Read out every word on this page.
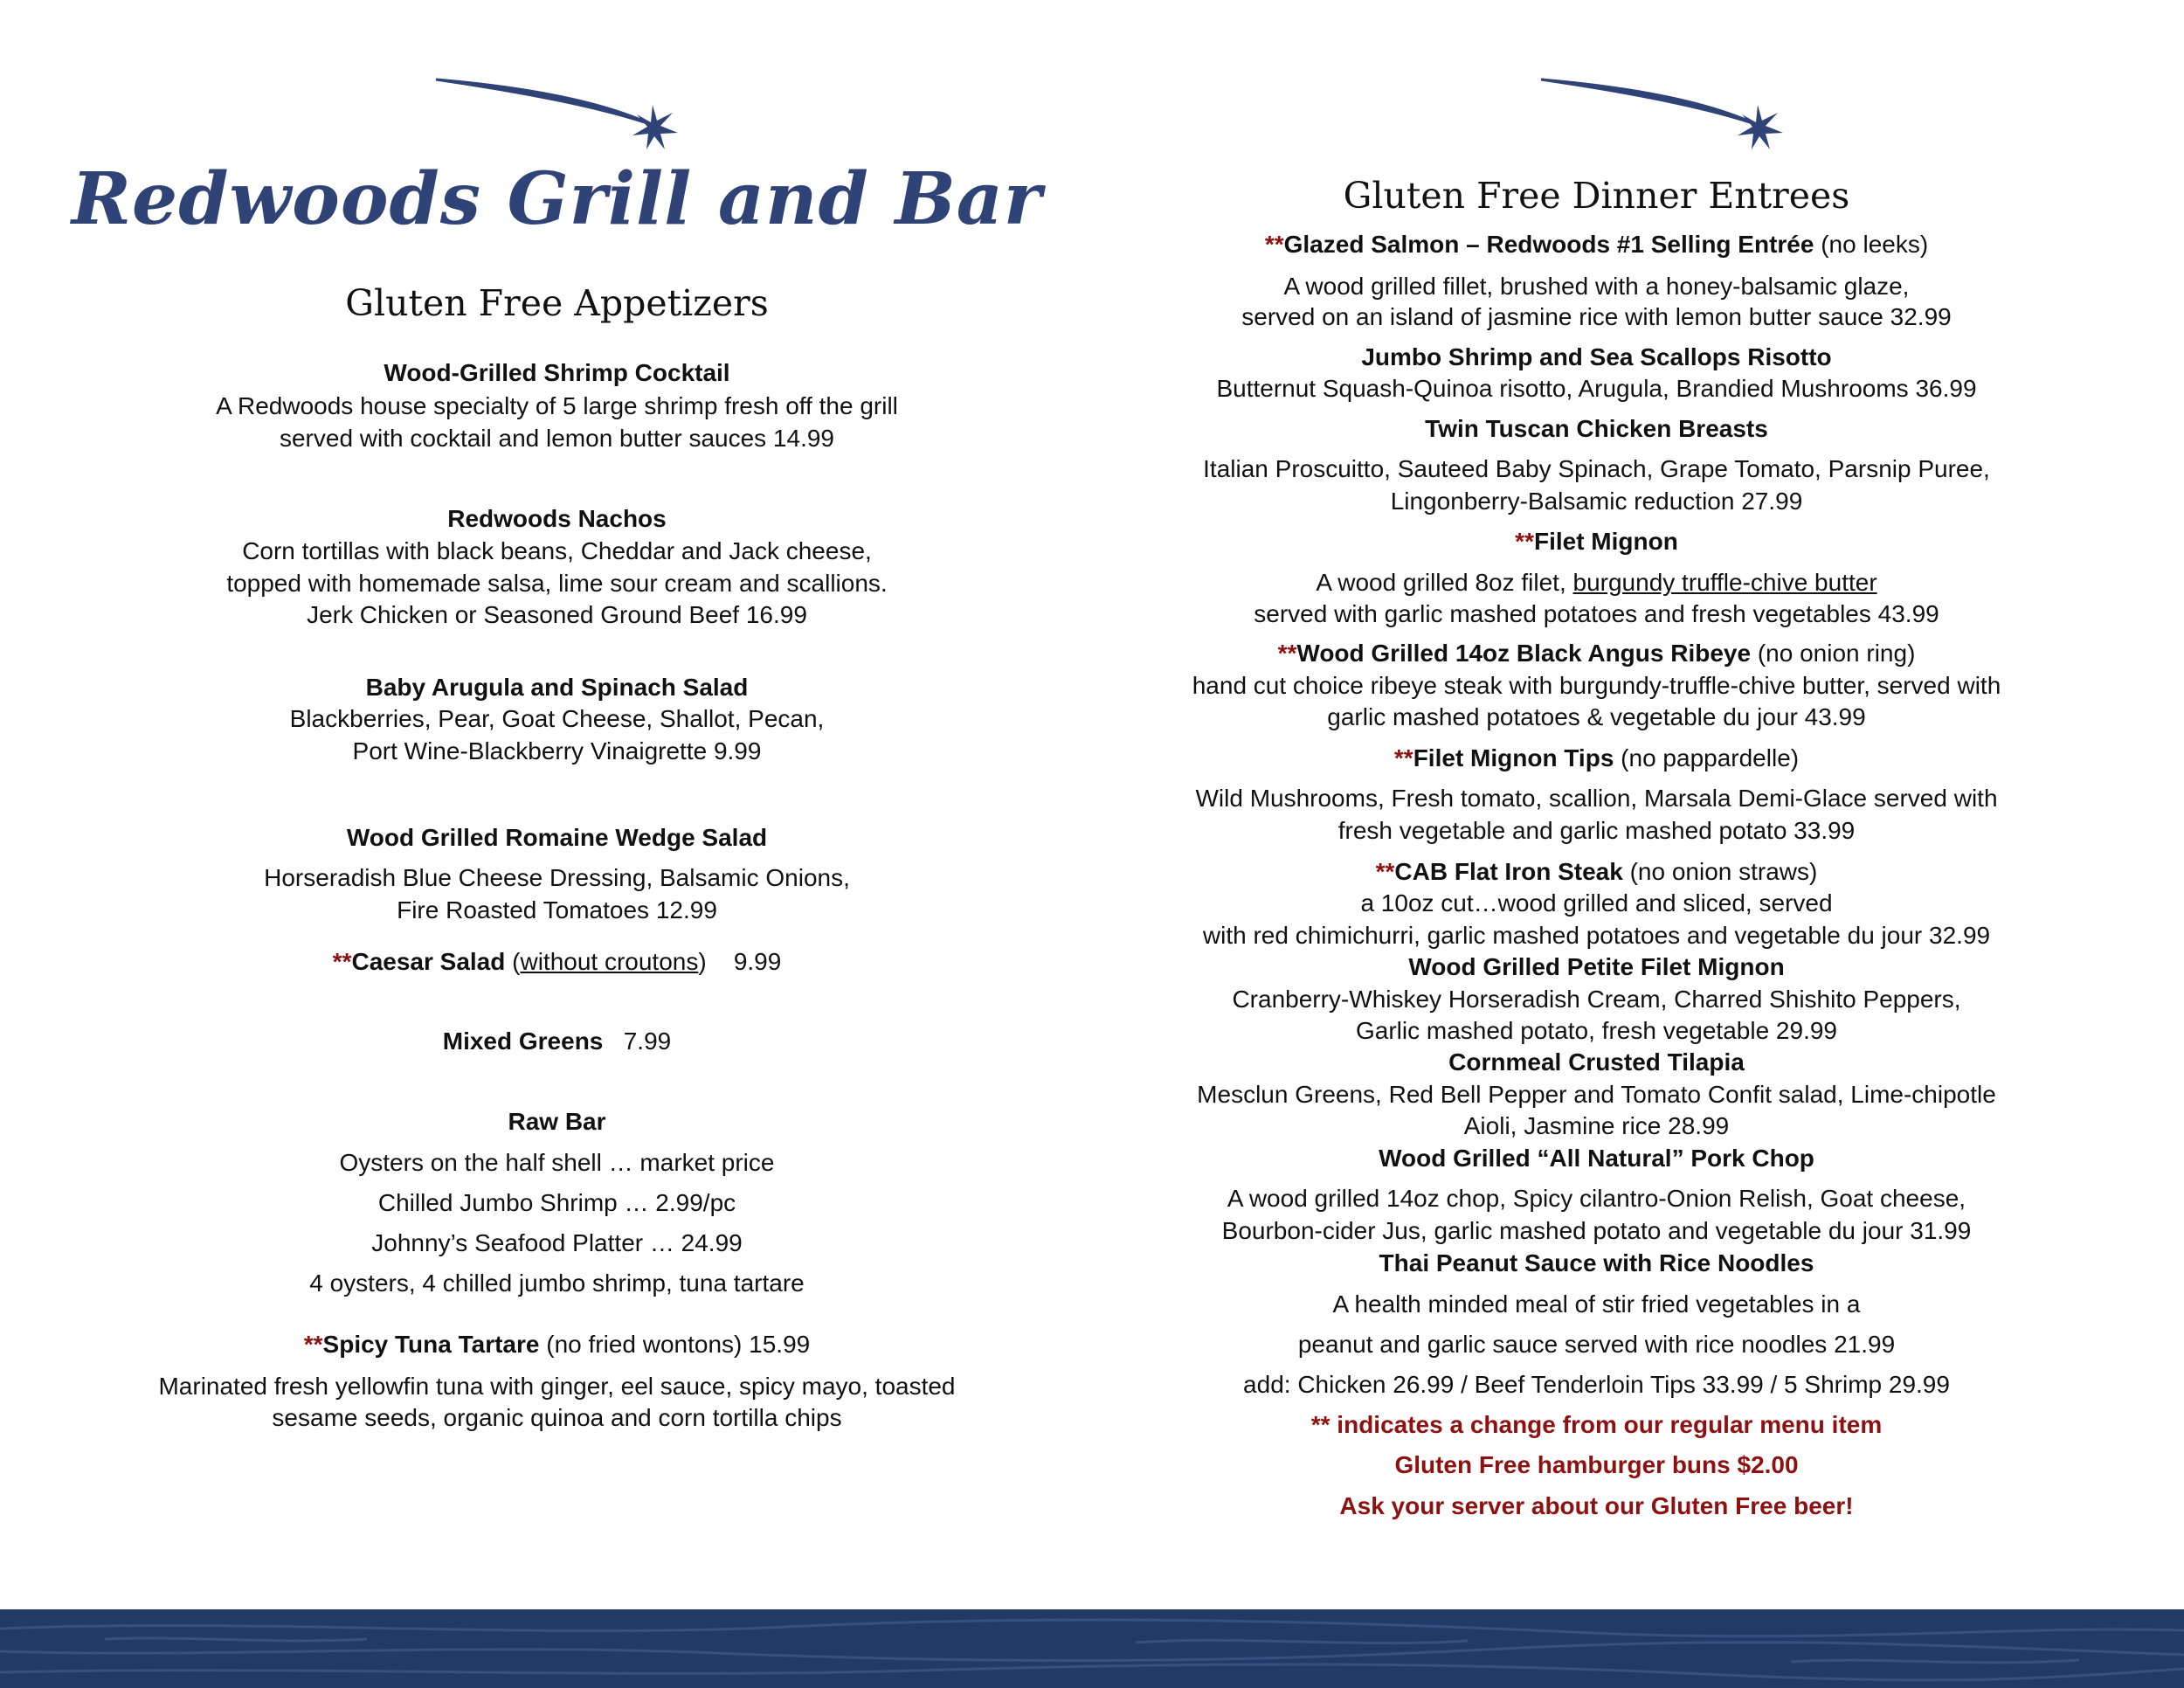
Redwoods Grill and Bar
Gluten Free Appetizers
Wood-Grilled Shrimp Cocktail
A Redwoods house specialty of 5 large shrimp fresh off the grill
served with cocktail and lemon butter sauces 14.99
Redwoods Nachos
Corn tortillas with black beans, Cheddar and Jack cheese,
topped with homemade salsa, lime sour cream and scallions.
Jerk Chicken or Seasoned Ground Beef 16.99
Baby Arugula and Spinach Salad
Blackberries, Pear, Goat Cheese, Shallot, Pecan,
Port Wine-Blackberry Vinaigrette 9.99
Wood Grilled Romaine Wedge Salad
Horseradish Blue Cheese Dressing, Balsamic Onions,
Fire Roasted Tomatoes 12.99
**Caesar Salad (without croutons)    9.99
Mixed Greens 7.99
Raw Bar
Oysters on the half shell … market price
Chilled Jumbo Shrimp … 2.99/pc
Johnny’s Seafood Platter … 24.99
4 oysters, 4 chilled jumbo shrimp, tuna tartare
**Spicy Tuna Tartare (no fried wontons) 15.99
Marinated fresh yellowfin tuna with ginger, eel sauce, spicy mayo, toasted
sesame seeds, organic quinoa and corn tortilla chips
Gluten Free Dinner Entrees
**Glazed Salmon – Redwoods #1 Selling Entrée (no leeks)
A wood grilled fillet, brushed with a honey-balsamic glaze,
served on an island of jasmine rice with lemon butter sauce 32.99
Jumbo Shrimp and Sea Scallops Risotto
Butternut Squash-Quinoa risotto, Arugula, Brandied Mushrooms 36.99
Twin Tuscan Chicken Breasts
Italian Proscuitto, Sauteed Baby Spinach, Grape Tomato, Parsnip Puree,
Lingonberry-Balsamic reduction 27.99
**Filet Mignon
A wood grilled 8oz filet, burgundy truffle-chive butter
served with garlic mashed potatoes and fresh vegetables 43.99
**Wood Grilled 14oz Black Angus Ribeye (no onion ring)
hand cut choice ribeye steak with burgundy-truffle-chive butter, served with
garlic mashed potatoes & vegetable du jour 43.99
**Filet Mignon Tips (no pappardelle)
Wild Mushrooms, Fresh tomato, scallion, Marsala Demi-Glace served with
fresh vegetable and garlic mashed potato 33.99
**CAB Flat Iron Steak (no onion straws)
a 10oz cut…wood grilled and sliced, served
with red chimichurri, garlic mashed potatoes and vegetable du jour 32.99
Wood Grilled Petite Filet Mignon
Cranberry-Whiskey Horseradish Cream, Charred Shishito Peppers,
Garlic mashed potato, fresh vegetable 29.99
Cornmeal Crusted Tilapia
Mesclun Greens, Red Bell Pepper and Tomato Confit salad, Lime-chipotle
Aioli, Jasmine rice 28.99
Wood Grilled “All Natural” Pork Chop
A wood grilled 14oz chop, Spicy cilantro-Onion Relish, Goat cheese,
Bourbon-cider Jus, garlic mashed potato and vegetable du jour 31.99
Thai Peanut Sauce with Rice Noodles
A health minded meal of stir fried vegetables in a
peanut and garlic sauce served with rice noodles 21.99
add: Chicken 26.99 / Beef Tenderloin Tips 33.99 / 5 Shrimp 29.99
** indicates a change from our regular menu item
Gluten Free hamburger buns $2.00
Ask your server about our Gluten Free beer!
